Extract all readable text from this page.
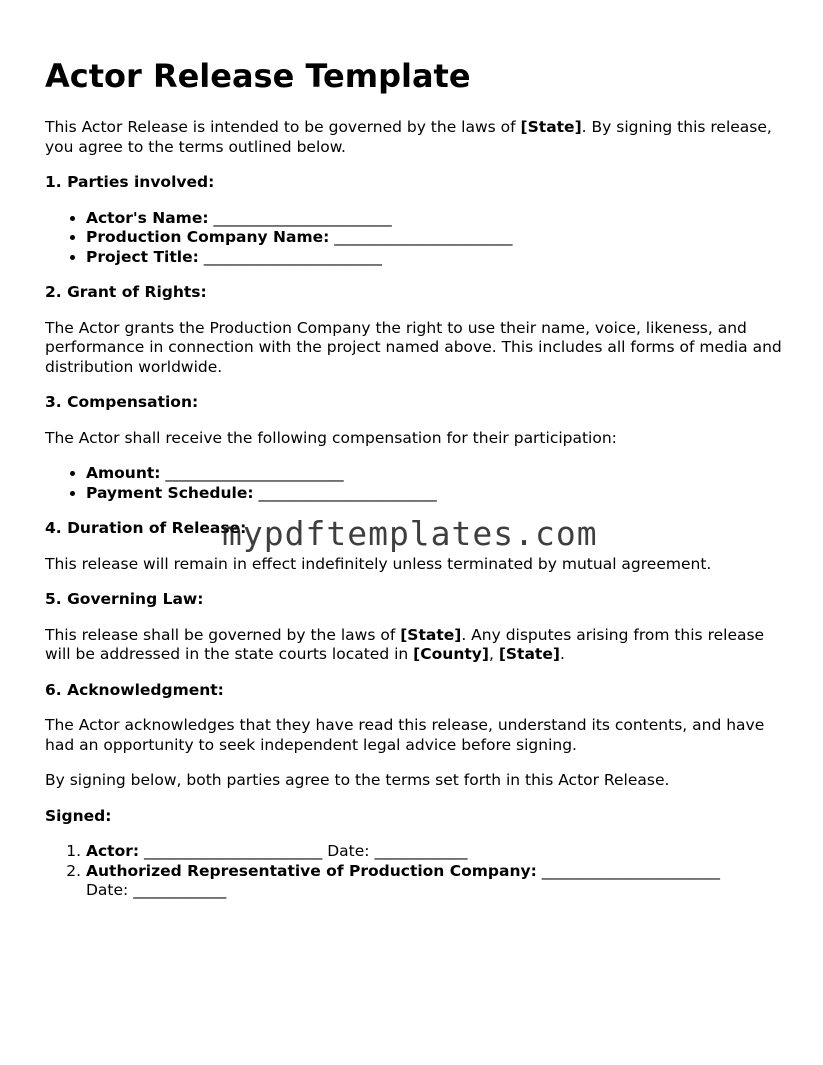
Actor Release Template

This Actor Release is intended to be governed by the laws of [State]. By signing this release, you agree to the terms outlined below.

1. Parties involved:
• Actor's Name: _______________________
• Production Company Name: _______________________
• Project Title: _______________________
2. Grant of Rights:

The Actor grants the Production Company the right to use their name, voice, likeness, and performance in connection with the project named above. This includes all forms of media and distribution worldwide.

3. Compensation:

The Actor shall receive the following compensation for their participation:

• Amount: _______________________
• Payment Schedule: _______________________
4. Duration of Release:

This release will remain in effect indefinitely unless terminated by mutual agreement.

5. Governing Law:

This release shall be governed by the laws of [State]. Any disputes arising from this release will be addressed in the state courts located in [County], [State].

6. Acknowledgment:

The Actor acknowledges that they have read this release, understand its contents, and have had an opportunity to seek independent legal advice before signing.

By signing below, both parties agree to the terms set forth in this Actor Release.

Signed:
1. Actor: _______________________ Date: ____________
2. Authorized Representative of Production Company: _______________________
Date: ____________
mypdftemplates.com
